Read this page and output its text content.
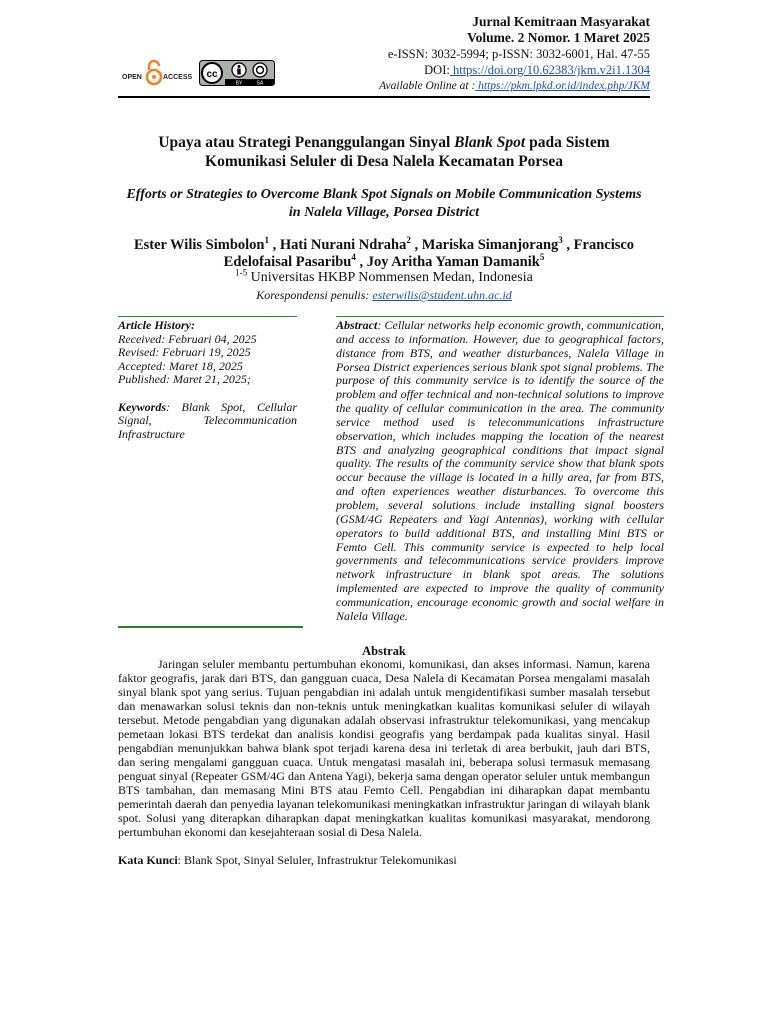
OPEN	ACCESS cc
BY	SA
Jurnal Kemitraan Masyarakat
Volume. 2 Nomor. 1 Maret 2025
e-ISSN: 3032-5994; p-ISSN: 3032-6001, Hal. 47-55
DOI: https://doi.org/10.62383/jkm.v2i1.1304
Available Online at : https://pkm.lpkd.or.id/index.php/JKM
Upaya atau Strategi Penanggulangan Sinyal Blank Spot pada Sistem Komunikasi Seluler di Desa Nalela Kecamatan Porsea
Efforts or Strategies to Overcome Blank Spot Signals on Mobile Communication Systems
in Nalela Village, Porsea District
Ester Wilis Simbolon$^1$ , Hati Nurani Ndraha$^2$ , Mariska Simanjorang$^3$ , Francisco Edelofaisal Pasaribu$^4$ , Joy Aritha Yaman Damanik$^5$
$^{1-5}$ Universitas HKBP Nommensen Medan, Indonesia
Korespondensi penulis: esterwilis@student.uhn.ac.id
Article History:
Received: Februari 04, 2025
Revised: Februari 19, 2025
Accepted: Maret 18, 2025
Published: Maret 21, 2025;
Keywords: Blank Spot, Cellular Signal, Telecommunication Infrastructure
Abstract: Cellular networks help economic growth, communication, and access to information. However, due to geographical factors, distance from BTS, and weather disturbances, Nalela Village in Porsea District experiences serious blank spot signal problems. The purpose of this community service is to identify the source of the problem and offer technical and non-technical solutions to improve the quality of cellular communication in the area. The community service method used is telecommunications infrastructure observation, which includes mapping the location of the nearest BTS and analyzing geographical conditions that impact signal quality. The results of the community service show that blank spots occur because the village is located in a hilly area, far from BTS, and often experiences weather disturbances. To overcome this problem, several solutions include installing signal boosters (GSM/4G Repeaters and Yagi Antennas), working with cellular operators to build additional BTS, and installing Mini BTS or Femto Cell. This community service is expected to help local governments and telecommunications service providers improve network infrastructure in blank spot areas. The solutions implemented are expected to improve the quality of community communication, encourage economic growth and social welfare in Nalela Village.
Abstrak
Jaringan seluler membantu pertumbuhan ekonomi, komunikasi, dan akses informasi. Namun, karena faktor geografis, jarak dari BTS, dan gangguan cuaca, Desa Nalela di Kecamatan Porsea mengalami masalah sinyal blank spot yang serius. Tujuan pengabdian ini adalah untuk mengidentifikasi sumber masalah tersebut dan menawarkan solusi teknis dan non-teknis untuk meningkatkan kualitas komunikasi seluler di wilayah tersebut. Metode pengabdian yang digunakan adalah observasi infrastruktur telekomunikasi, yang mencakup pemetaan lokasi BTS terdekat dan analisis kondisi geografis yang berdampak pada kualitas sinyal. Hasil pengabdian menunjukkan bahwa blank spot terjadi karena desa ini terletak di area berbukit, jauh dari BTS, dan sering mengalami gangguan cuaca. Untuk mengatasi masalah ini, beberapa solusi termasuk memasang penguat sinyal (Repeater GSM/4G dan Antena Yagi), bekerja sama dengan operator seluler untuk membangun BTS tambahan, dan memasang Mini BTS atau Femto Cell. Pengabdian ini diharapkan dapat membantu pemerintah daerah dan penyedia layanan telekomunikasi meningkatkan infrastruktur jaringan di wilayah blank spot. Solusi yang diterapkan diharapkan dapat meningkatkan kualitas komunikasi masyarakat, mendorong pertumbuhan ekonomi dan kesejahteraan sosial di Desa Nalela.
Kata Kunci: Blank Spot, Sinyal Seluler, Infrastruktur Telekomunikasi
